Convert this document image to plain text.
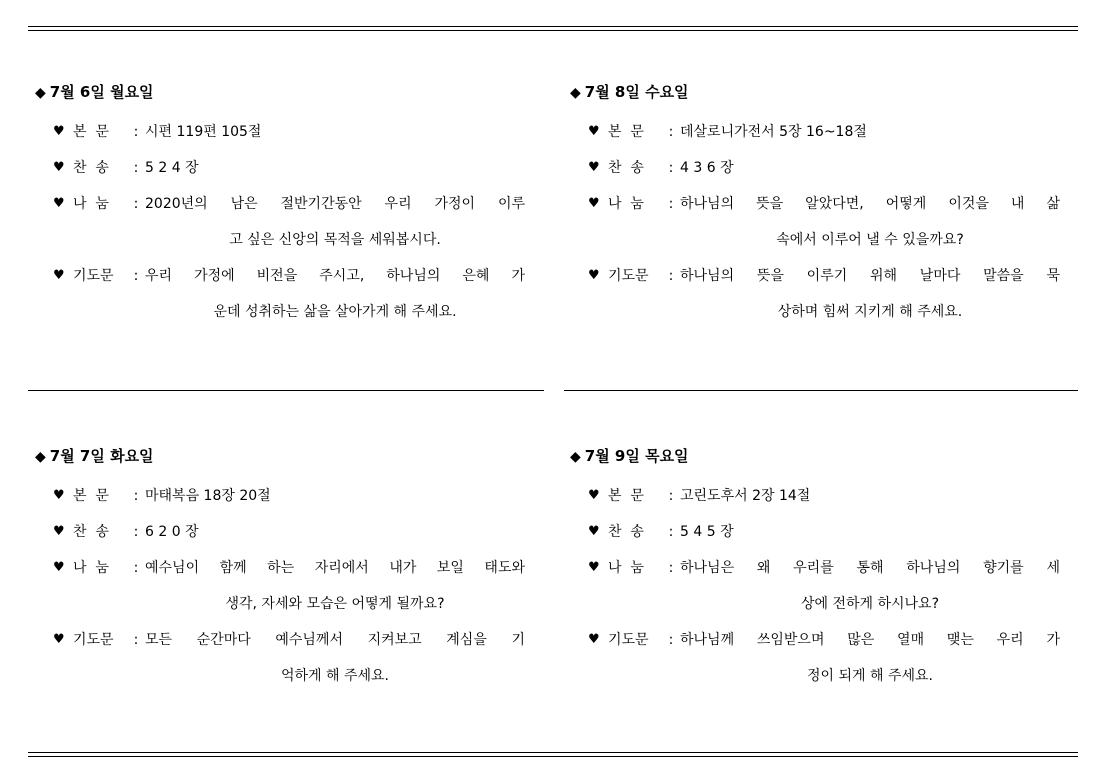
◆ 7월 6일 월요일
♥ 본  문	: 시편 119편 105절
♥ 찬  송	: 5 2 4 장
♥ 나  눔	: 2020년의 남은 절반기간동안 우리 가정이 이루
고 싶은 신앙의 목적을 세워봅시다.
♥ 기도문	: 우리 가정에 비전을 주시고, 하나님의 은혜 가
운데 성취하는 삶을 살아가게 해 주세요.
◆ 7월 8일 수요일
♥ 본  문	: 데살로니가전서 5장 16~18절
♥ 찬  송	: 4 3 6 장
♥ 나  눔	: 하나님의 뜻을 알았다면, 어떻게 이것을 내 삶
속에서 이루어 낼 수 있을까요?
♥ 기도문	: 하나님의 뜻을 이루기 위해 날마다 말씀을 묵
상하며 힘써 지키게 해 주세요.
◆ 7월 7일 화요일
♥ 본  문	: 마태복음 18장 20절
♥ 찬  송	: 6 2 0 장
♥ 나  눔	: 예수님이 함께 하는 자리에서 내가 보일 태도와
생각, 자세와 모습은 어떻게 될까요?
♥ 기도문	: 모든 순간마다 예수님께서 지켜보고 계심을 기
억하게 해 주세요.
◆ 7월 9일 목요일
♥ 본  문	: 고린도후서 2장 14절
♥ 찬  송	: 5 4 5 장
♥ 나  눔	: 하나님은 왜 우리를 통해 하나님의 향기를 세
상에 전하게 하시나요?
♥ 기도문	: 하나님께 쓰임받으며 많은 열매 맺는 우리 가
정이 되게 해 주세요.
